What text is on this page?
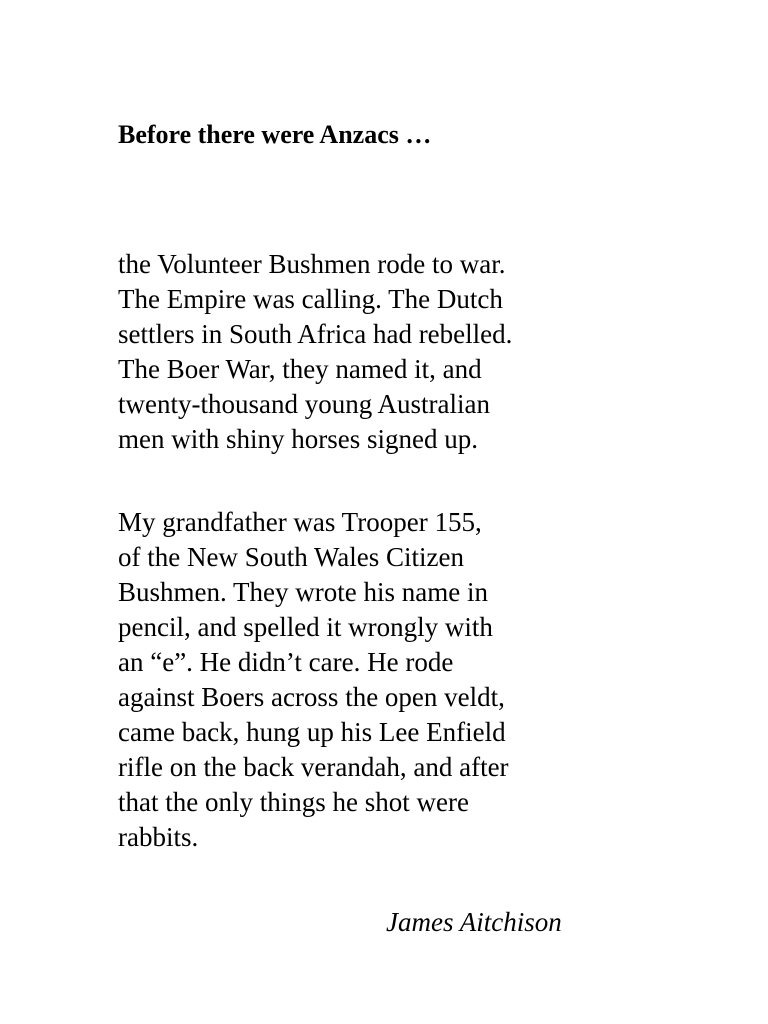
Before there were Anzacs …
the Volunteer Bushmen rode to war.
The Empire was calling. The Dutch
settlers in South Africa had rebelled.
The Boer War, they named it, and
twenty-thousand young Australian
men with shiny horses signed up.
My grandfather was Trooper 155,
of the New South Wales Citizen
Bushmen. They wrote his name in
pencil, and spelled it wrongly with
an “e”. He didn’t care. He rode
against Boers across the open veldt,
came back, hung up his Lee Enfield
rifle on the back verandah, and after
that the only things he shot were
rabbits.
James Aitchison
